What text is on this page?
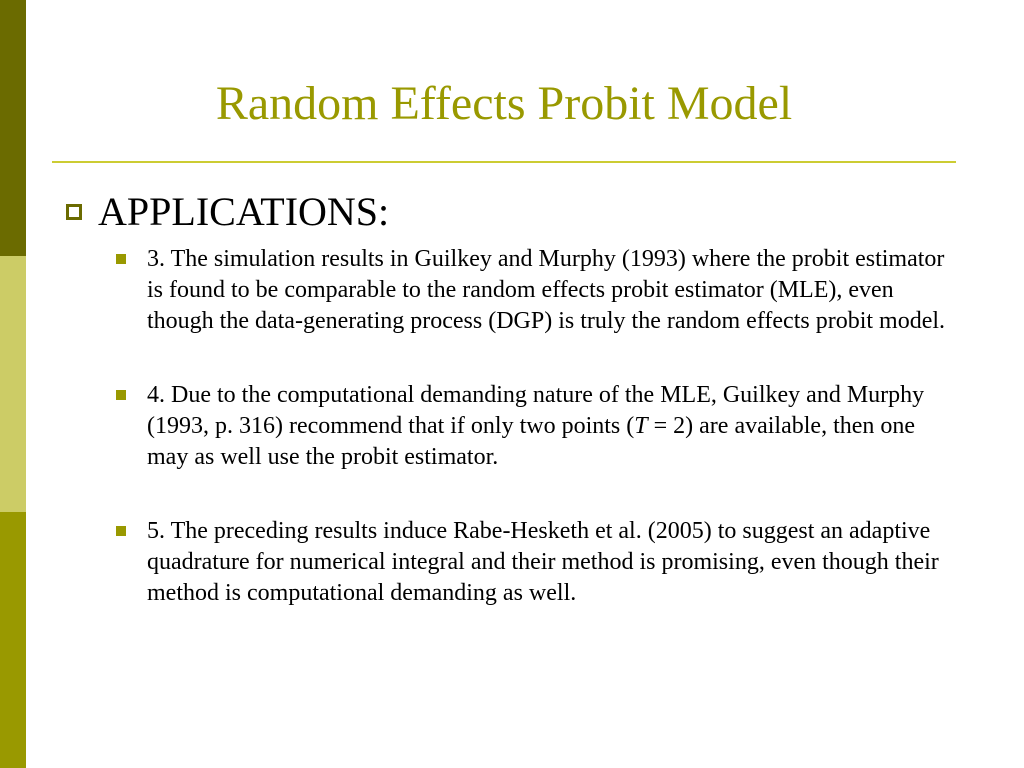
Random Effects Probit Model
APPLICATIONS:
3. The simulation results in Guilkey and Murphy (1993) where the probit estimator is found to be comparable to the random effects probit estimator (MLE), even though the data-generating process (DGP) is truly the random effects probit model.
4. Due to the computational demanding nature of the MLE, Guilkey and Murphy (1993, p. 316) recommend that if only two points (T = 2) are available, then one may as well use the probit estimator.
5. The preceding results induce Rabe-Hesketh et al. (2005) to suggest an adaptive quadrature for numerical integral and their method is promising, even though their method is computational demanding as well.
